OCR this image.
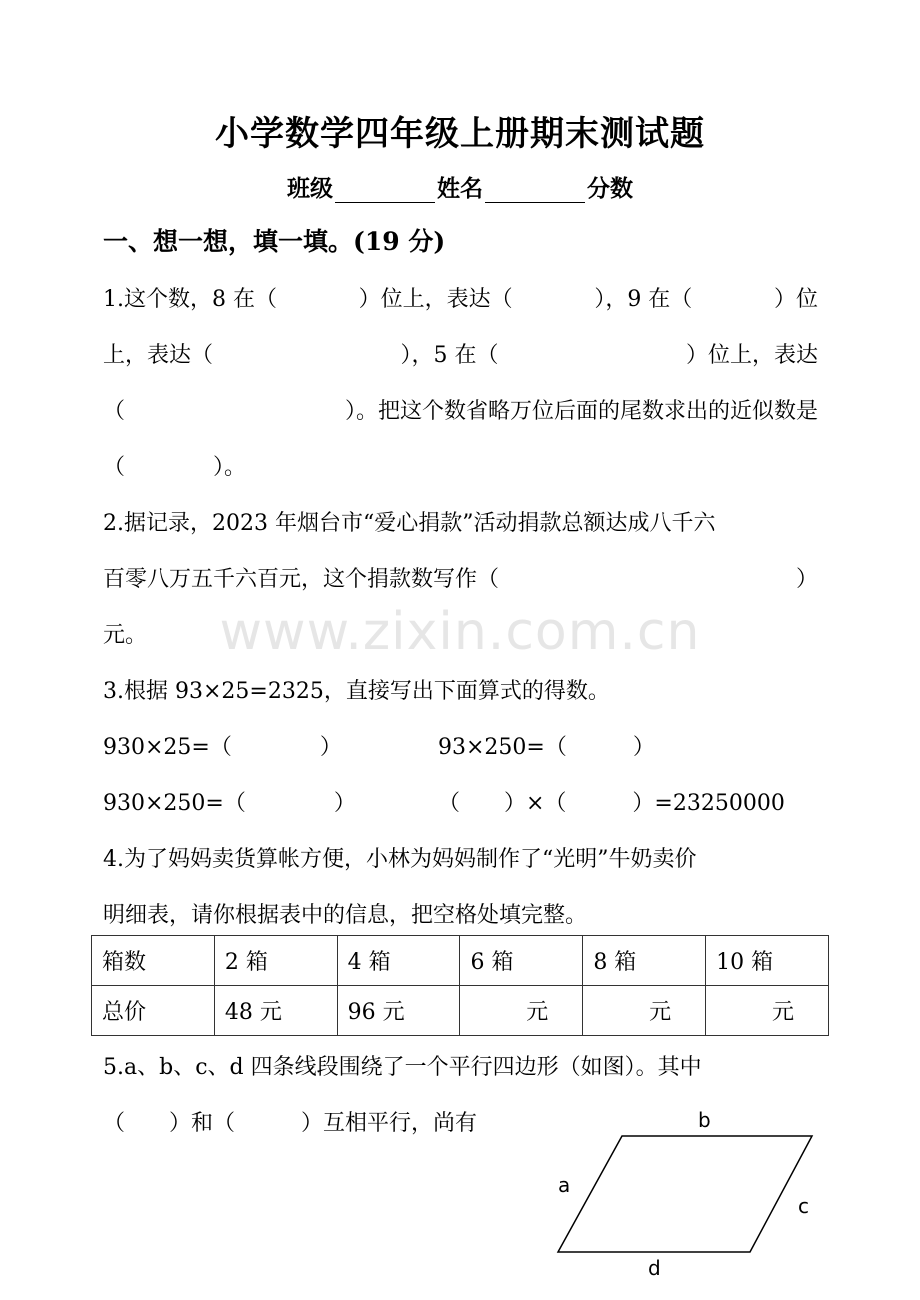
小学数学四年级上册期末测试题
班级	姓名	分数
一、想一想，填一填。(19 分)
1.这个数，8 在（	）位上，表达（	），9 在（	）位
上，表达（	），5 在（	）位上，表达
（	）。把这个数省略万位后面的尾数求出的近似数是
（　　　　）。
2.据记录，2023 年烟台市“爱心捐款”活动捐款总额达成八千六
百零八万五千六百元，这个捐款数写作（	）
元。	www.zixin.com.cn
3.根据 93×25=2325，直接写出下面算式的得数。
930×25=（　　　　）	93×250=（　　　）
930×250=（　　　　）	（　　）×（　　　）=23250000
4.为了妈妈卖货算帐方便，小林为妈妈制作了“光明”牛奶卖价
明细表，请你根据表中的信息，把空格处填完整。
箱数	2 箱	4 箱	6 箱	8 箱	10 箱
总价	48 元	96 元	元	元	元
5.a、b、c、d 四条线段围绕了一个平行四边形（如图）。其中
（　　）和（　　　）互相平行，尚有	b
a
c
d
